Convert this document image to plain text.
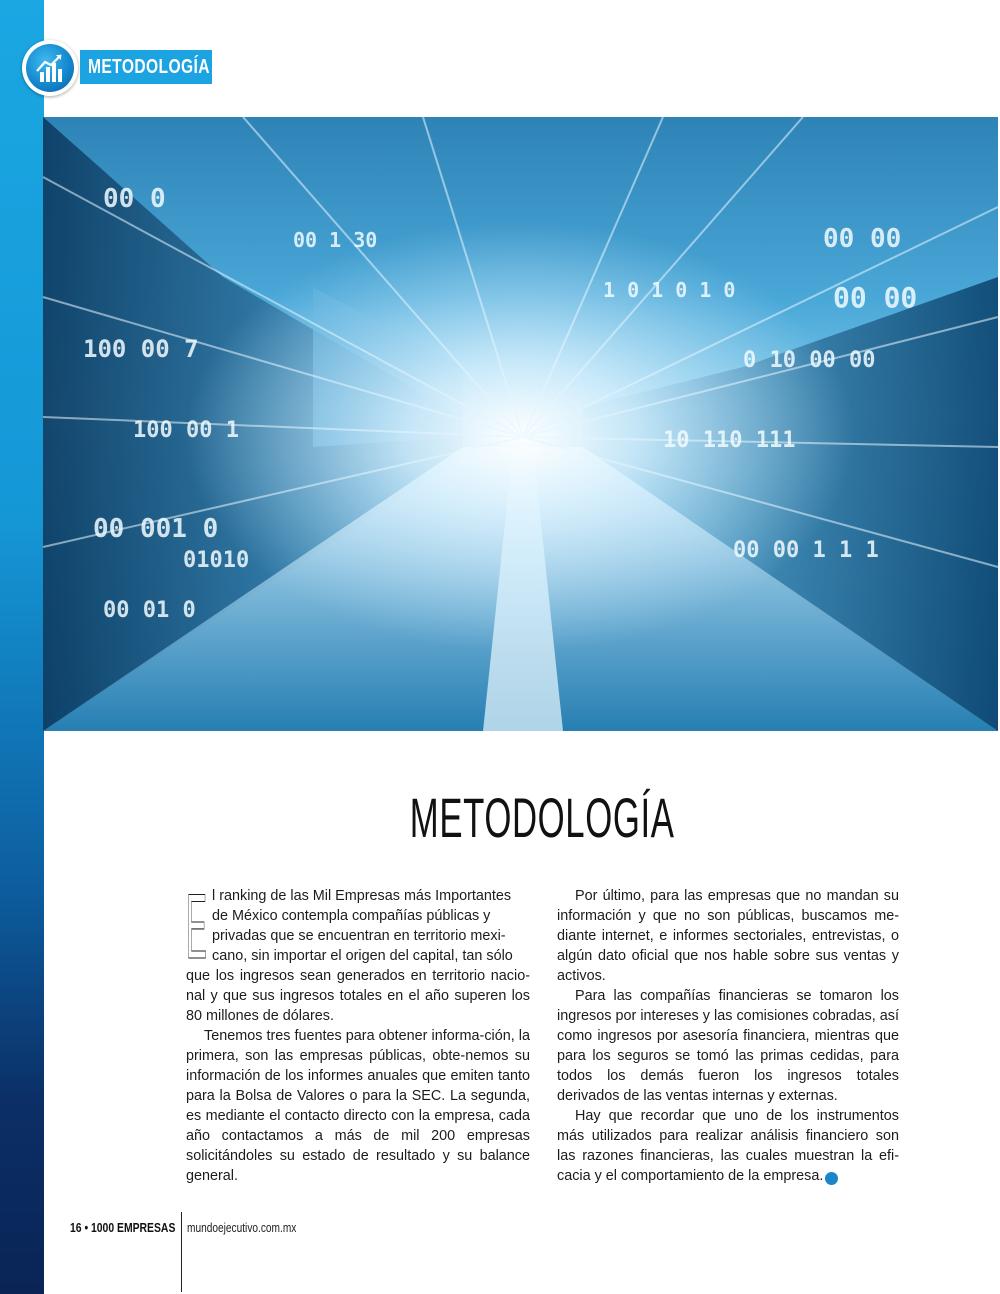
METODOLOGÍA
00 0
100 00 7
100 00 1
00 001 0
01010
00 01 0
00 00
00 00
0 10 00 00
10 110 111
00 00 1 1 1
00 1 30
1 0 1 0 1 0
METODOLOGÍA
E l ranking de las Mil Empresas más Importantes
de México contempla compañías públicas y
privadas que se encuentran en territorio mexi-
cano, sin importar el origen del capital, tan sólo

que los ingresos sean generados en territorio nacio-nal y que sus ingresos totales en el año superen los 80 millones de dólares.

Tenemos tres fuentes para obtener informa-ción, la primera, son las empresas públicas, obte-nemos su información de los informes anuales que emiten tanto para la Bolsa de Valores o para la SEC. La segunda, es mediante el contacto directo con la empresa, cada año contactamos a más de mil 200 empresas solicitándoles su estado de resultado y su balance general.

Por último, para las empresas que no mandan su información y que no son públicas, buscamos me-diante internet, e informes sectoriales, entrevistas, o algún dato oficial que nos hable sobre sus ventas y activos.

Para las compañías financieras se tomaron los ingresos por intereses y las comisiones cobradas, así como ingresos por asesoría financiera, mientras que para los seguros se tomó las primas cedidas, para todos los demás fueron los ingresos totales derivados de las ventas internas y externas.

Hay que recordar que uno de los instrumentos más utilizados para realizar análisis financiero son las razones financieras, las cuales muestran la efi-cacia y el comportamiento de la empresa. »

16 • 1000 EMPRESAS mundoejecutivo.com.mx
